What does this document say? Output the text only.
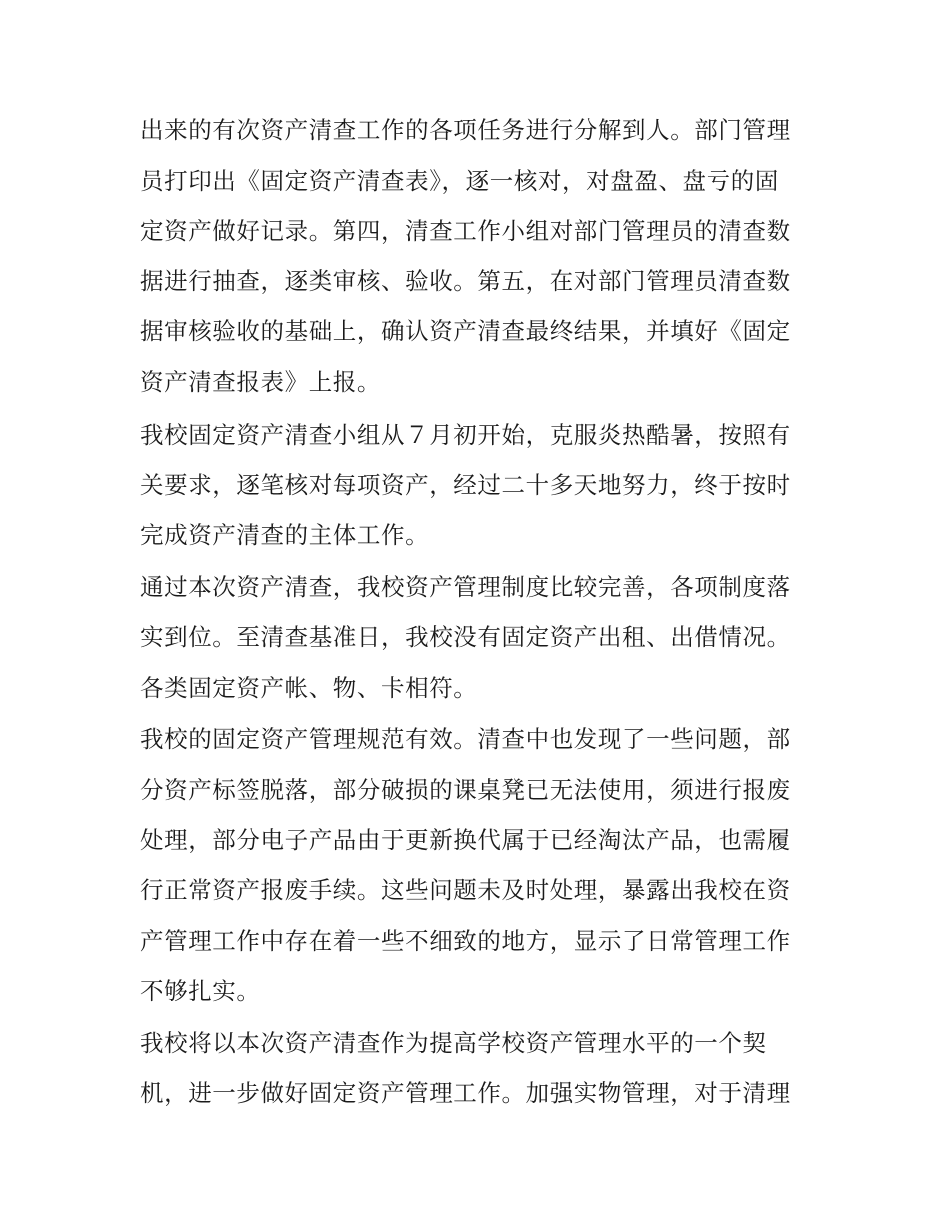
出来的有次资产清查工作的各项任务进行分解到人。部门管理
员打印出《固定资产清查表》，逐一核对，对盘盈、盘亏的固
定资产做好记录。第四，清查工作小组对部门管理员的清查数
据进行抽查，逐类审核、验收。第五，在对部门管理员清查数
据审核验收的基础上，确认资产清查最终结果，并填好《固定
资产清查报表》上报。
我校固定资产清查小组从７月初开始，克服炎热酷暑，按照有
关要求，逐笔核对每项资产，经过二十多天地努力，终于按时
完成资产清查的主体工作。
通过本次资产清查，我校资产管理制度比较完善，各项制度落
实到位。至清查基准日，我校没有固定资产出租、出借情况。
各类固定资产帐、物、卡相符。
我校的固定资产管理规范有效。清查中也发现了一些问题，部
分资产标签脱落，部分破损的课桌凳已无法使用，须进行报废
处理，部分电子产品由于更新换代属于已经淘汰产品，也需履
行正常资产报废手续。这些问题未及时处理，暴露出我校在资
产管理工作中存在着一些不细致的地方，显示了日常管理工作
不够扎实。
我校将以本次资产清查作为提高学校资产管理水平的一个契
机，进一步做好固定资产管理工作。加强实物管理，对于清理
